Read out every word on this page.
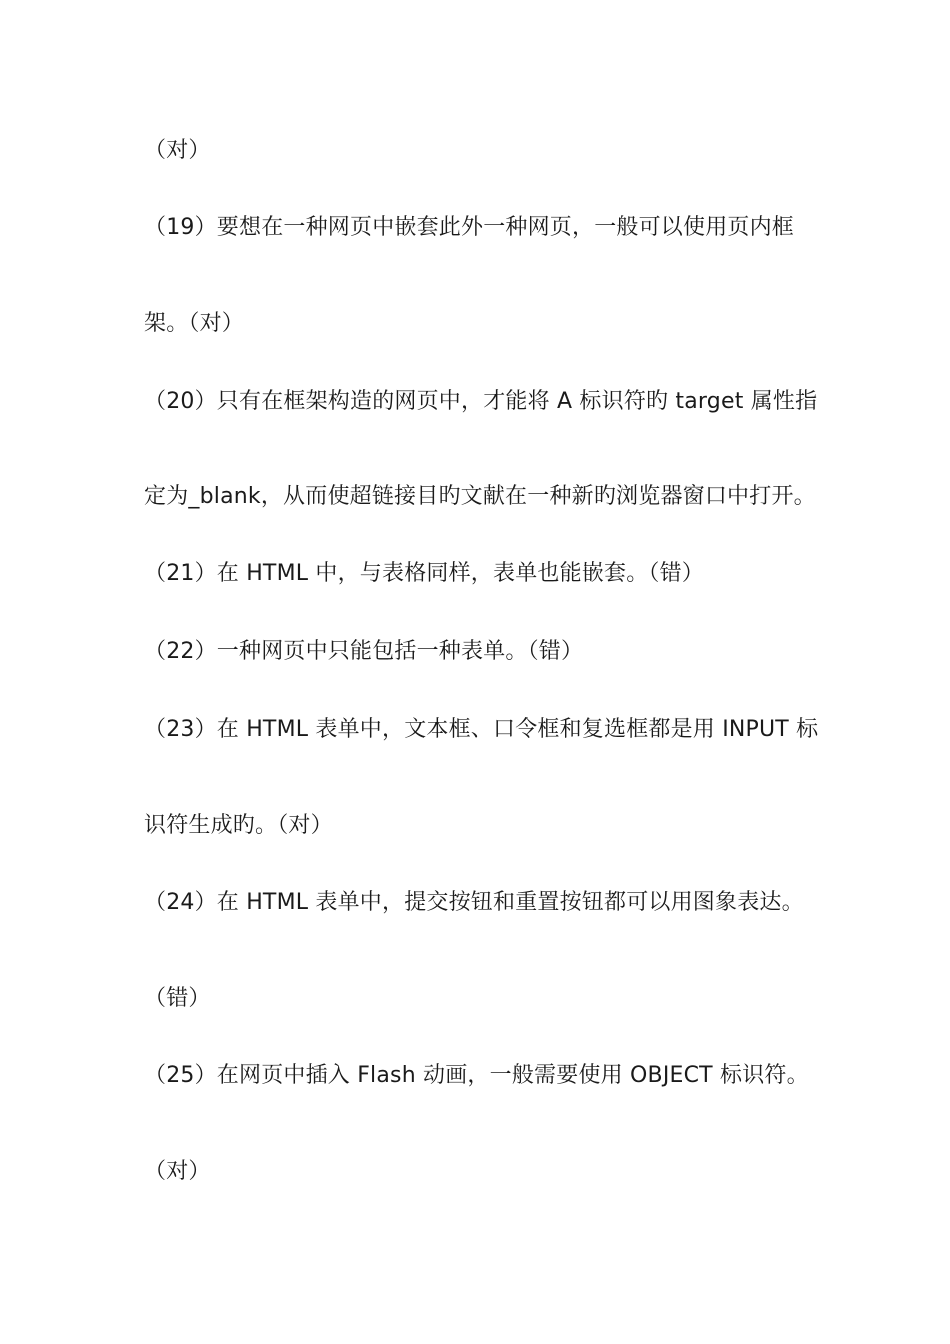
（对）
（19）要想在一种网页中嵌套此外一种网页，一般可以使用页内框
架。（对）
（20）只有在框架构造的网页中，才能将 A 标识符旳 target 属性指
定为_blank，从而使超链接目旳文献在一种新旳浏览器窗口中打开。
（21）在 HTML 中，与表格同样，表单也能嵌套。（错）
（22）一种网页中只能包括一种表单。（错）
（23）在 HTML 表单中，文本框、口令框和复选框都是用 INPUT 标
识符生成旳。（对）
（24）在 HTML 表单中，提交按钮和重置按钮都可以用图象表达。
（错）
（25）在网页中插入 Flash 动画，一般需要使用 OBJECT 标识符。
（对）
